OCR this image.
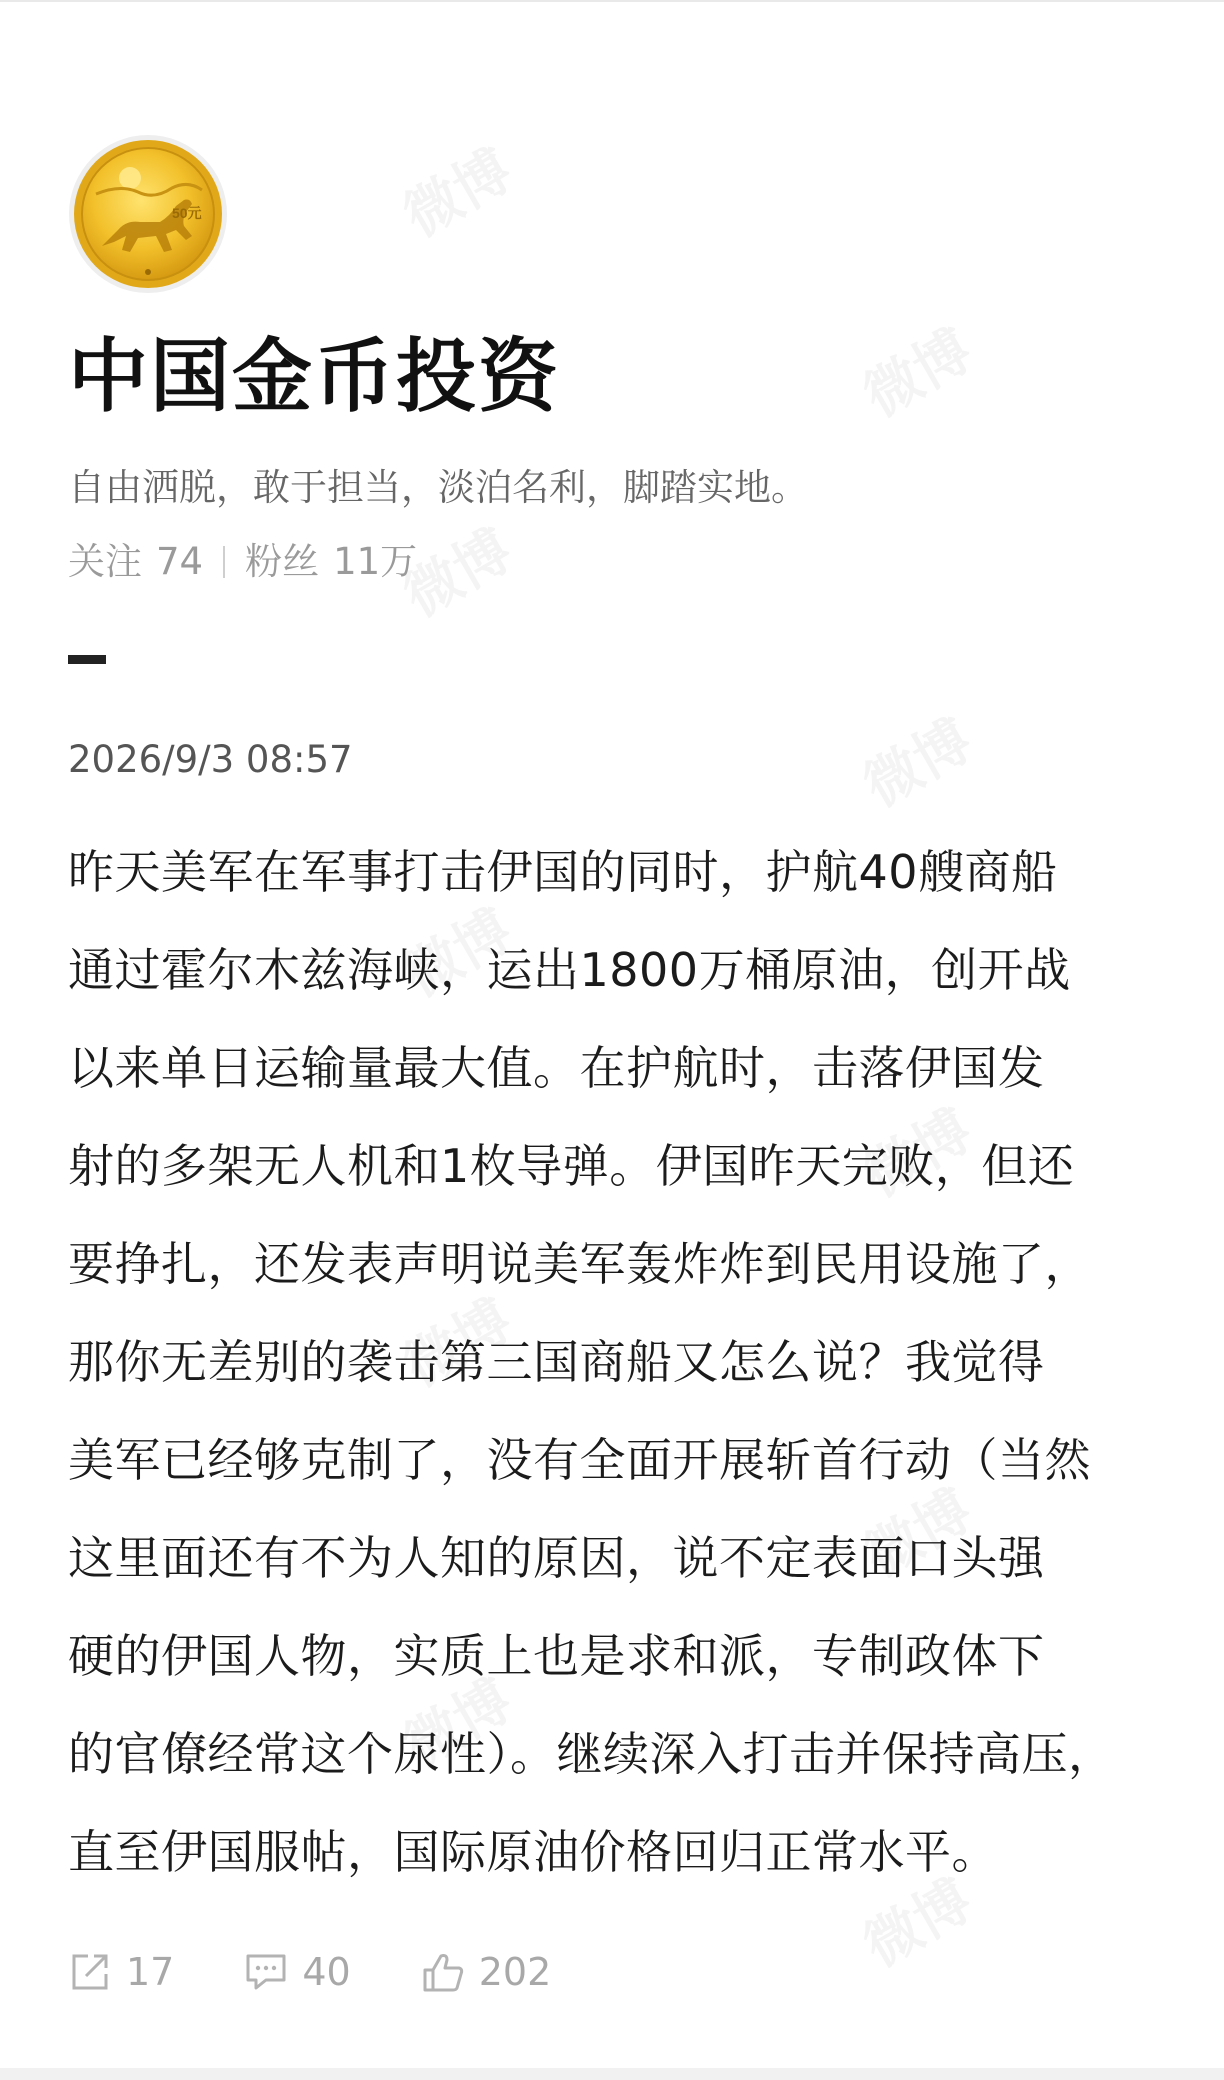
50元
中国金币投资
自由洒脱，敢于担当，淡泊名利，脚踏实地。
关注 74 粉丝 11万
2026/9/3 08:57
昨天美军在军事打击伊国的同时，护航40艘商船
通过霍尔木兹海峡，运出1800万桶原油，创开战
以来单日运输量最大值。在护航时，击落伊国发
射的多架无人机和1枚导弹。伊国昨天完败，但还
要挣扎，还发表声明说美军轰炸炸到民用设施了，
那你无差别的袭击第三国商船又怎么说？我觉得
美军已经够克制了，没有全面开展斩首行动（当然
这里面还有不为人知的原因，说不定表面口头强
硬的伊国人物，实质上也是求和派，专制政体下
的官僚经常这个尿性）。继续深入打击并保持高压，
直至伊国服帖，国际原油价格回归正常水平。
17	40	202
